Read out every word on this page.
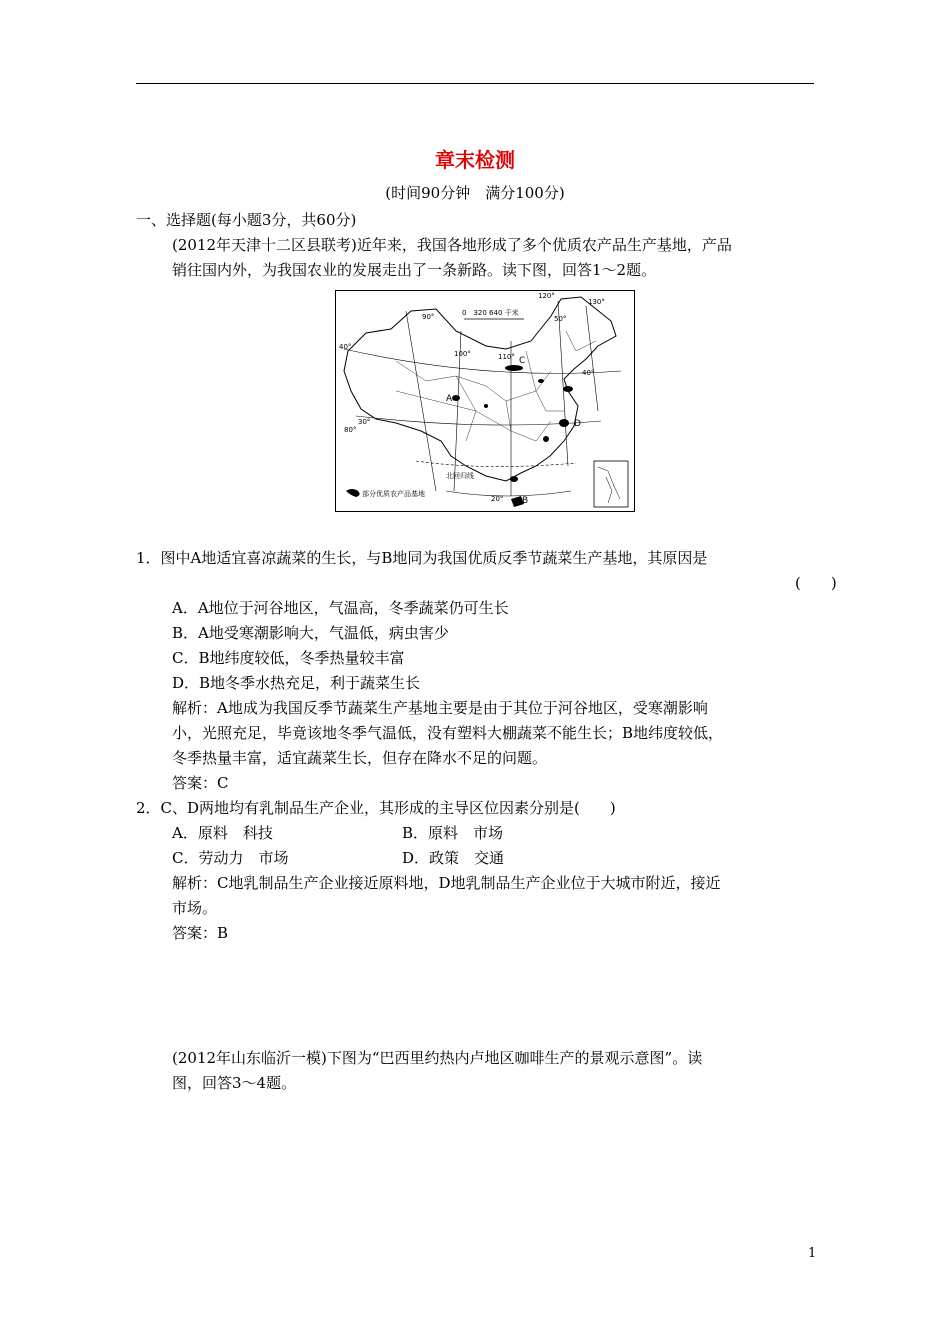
章末检测
(时间90分钟　满分100分)
一、选择题(每小题3分，共60分)
(2012年天津十二区县联考)近年来，我国各地形成了多个优质农产品生产基地，产品
销往国内外，为我国农业的发展走出了一条新路。读下图，回答1～2题。
0　320 640 千米
90°
100°	110°
120°
130°
50°
40°
40°
30°
80°
20°
北回归线
A
B
C
D
部分优质农产品基地
1．图中A地适宜喜凉蔬菜的生长，与B地同为我国优质反季节蔬菜生产基地，其原因是
(　　)
A．A地位于河谷地区，气温高，冬季蔬菜仍可生长
B．A地受寒潮影响大，气温低，病虫害少
C．B地纬度较低，冬季热量较丰富
D．B地冬季水热充足，利于蔬菜生长
解析：A地成为我国反季节蔬菜生产基地主要是由于其位于河谷地区，受寒潮影响
小，光照充足，毕竟该地冬季气温低，没有塑料大棚蔬菜不能生长；B地纬度较低，
冬季热量丰富，适宜蔬菜生长，但存在降水不足的问题。
答案：C
2．C、D两地均有乳制品生产企业，其形成的主导区位因素分别是(　　)
A．原料　科技	B．原料　市场
C．劳动力　市场	D．政策　交通
解析：C地乳制品生产企业接近原料地，D地乳制品生产企业位于大城市附近，接近
市场。
答案：B
(2012年山东临沂一模)下图为“巴西里约热内卢地区咖啡生产的景观示意图”。读
图，回答3～4题。
1
